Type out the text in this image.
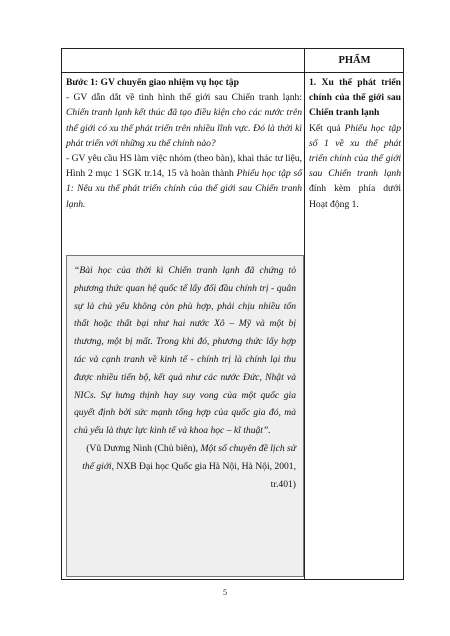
PHẨM

Bước 1: GV chuyển giao nhiệm vụ học tập

- GV dẫn dắt về tình hình thế giới sau Chiến tranh lạnh: Chiến tranh lạnh kết thúc đã tạo điều kiện cho các nước trên thế giới có xu thế phát triển trên nhiều lĩnh vực. Đó là thời kì phát triển với những xu thế chính nào?

- GV yêu cầu HS làm việc nhóm (theo bàn), khai thác tư liệu, Hình 2 mục 1 SGK tr.14, 15 và hoàn thành Phiếu học tập số 1: Nêu xu thế phát triển chính của thế giới sau Chiến tranh lạnh.

“Bài học của thời kì Chiến tranh lạnh đã chứng tỏ phương thức quan hệ quốc tế lấy đối đầu chính trị - quân sự là chủ yếu không còn phù hợp, phải chịu nhiều tổn thất hoặc thất bại như hai nước Xô – Mỹ và một bị thương, một bị mất. Trong khi đó, phương thức lấy hợp tác và cạnh tranh về kinh tế - chính trị là chính lại thu được nhiều tiến bộ, kết quả như các nước Đức, Nhật và NICs. Sự hưng thịnh hay suy vong của một quốc gia quyết định bởi sức mạnh tổng hợp của quốc gia đó, mà chủ yếu là thực lực kinh tế và khoa học – kĩ thuật”.

(Vũ Dương Ninh (Chủ biên), Một số chuyên đề lịch sử thế giới, NXB Đại học Quốc gia Hà Nội, Hà Nội, 2001, tr.401)

1. Xu thế phát triển chính của thế giới sau Chiến tranh lạnh

Kết quả Phiếu học tập số 1 về xu thế phát triển chính của thế giới sau Chiến tranh lạnh đính kèm phía dưới Hoạt động 1.

5
